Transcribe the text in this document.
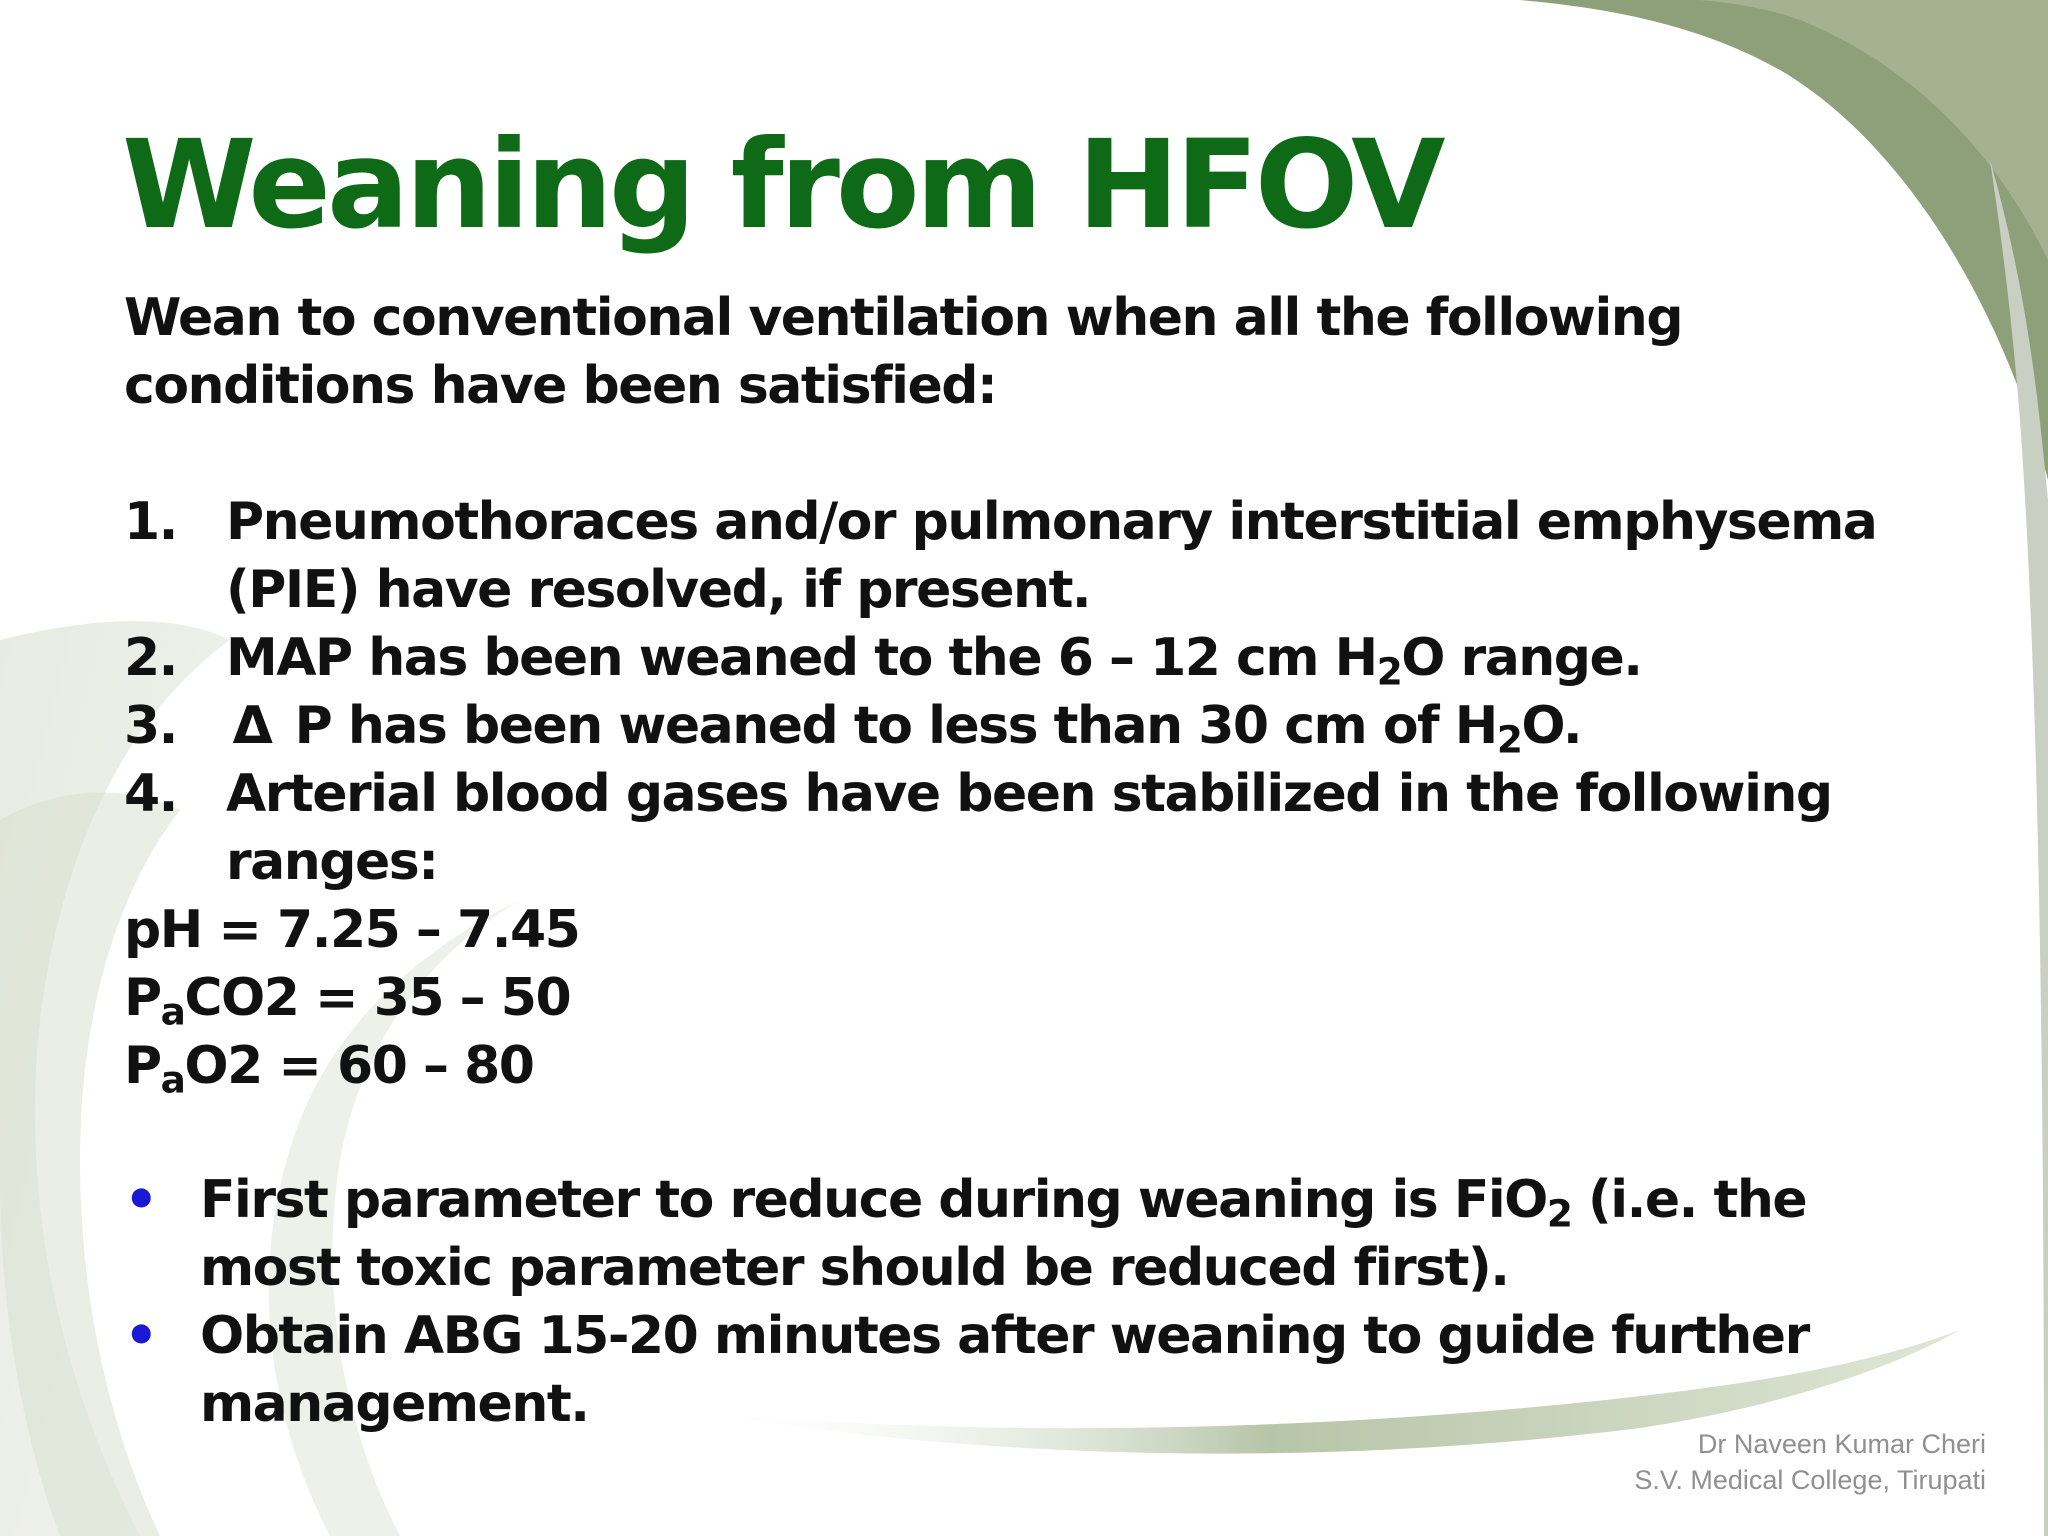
Weaning from HFOV

Wean to conventional ventilation when all the following conditions have been satisfied:

1. Pneumothoraces and/or pulmonary interstitial emphysema (PIE) have resolved, if present.
2. MAP has been weaned to the 6 – 12 cm $H_2O$ range.
3.	Δ P has been weaned to less than 30 cm of $H_2O$.
4. Arterial blood gases have been stabilized in the following ranges:

pH = 7.25 – 7.45

$P_aCO2 = 35 - 50$

$P_aO2 = 60 - 80$

• First parameter to reduce during weaning is FiO$_2$ (i.e. the most toxic parameter should be reduced first).
• Obtain ABG 15-20 minutes after weaning to guide further management.
Dr Naveen Kumar Cheri
S.V. Medical College, Tirupati
